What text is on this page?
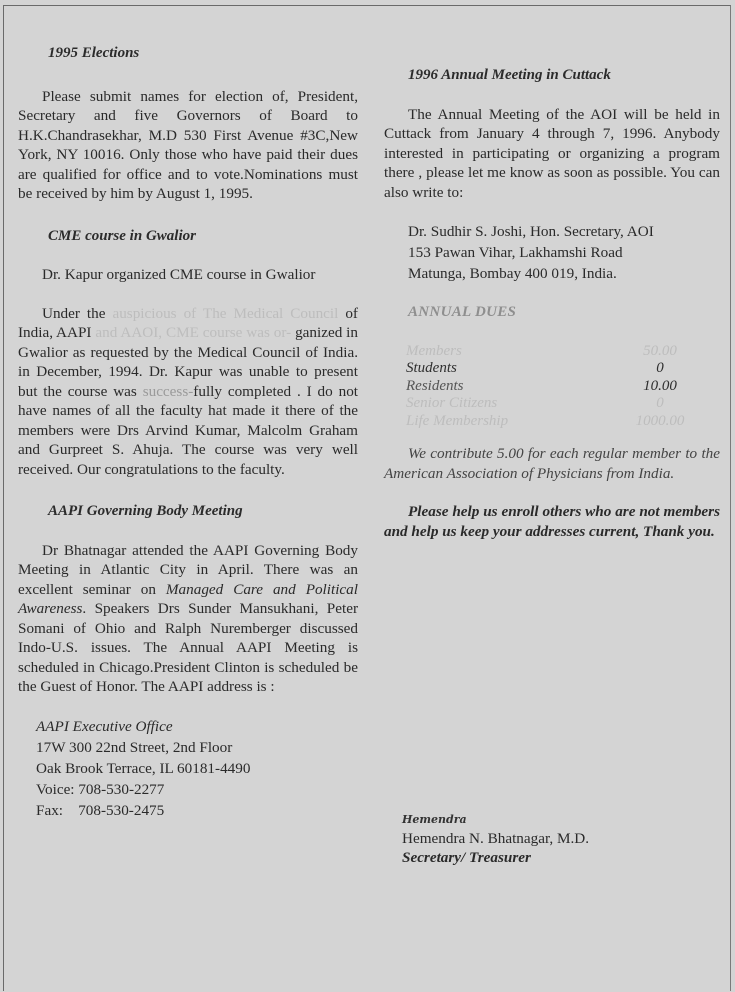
1995 Elections

Please submit names for election of, President, Secretary and five Governors of Board to H.K.Chandrasekhar, M.D 530 First Avenue #3C,New York, NY 10016. Only those who have paid their dues are qualified for office and to vote.Nominations must be received by him by August 1, 1995.

CME course in Gwalior

Dr. Kapur organized CME course in Gwalior

Under the auspicious of The Medical Council of India, AAPI and AAOI, CME course was or- ganized in Gwalior as requested by the Medical Council of India. in December, 1994. Dr. Kapur was unable to present but the course was success-fully completed . I do not have names of all the faculty hat made it there of the members were Drs Arvind Kumar, Malcolm Graham and Gurpreet S. Ahuja. The course was very well received. Our congratulations to the faculty.

AAPI Governing Body Meeting

Dr Bhatnagar attended the AAPI Governing Body Meeting in Atlantic City in April. There was an excellent seminar on Managed Care and Political Awareness. Speakers Drs Sunder Mansukhani, Peter Somani of Ohio and Ralph Nuremberger discussed Indo-U.S. issues. The Annual AAPI Meeting is scheduled in Chicago.President Clinton is scheduled be the Guest of Honor. The AAPI address is :

AAPI Executive Office
17W 300 22nd Street, 2nd Floor
Oak Brook Terrace, IL 60181-4490
Voice: 708-530-2277
Fax:    708-530-2475
1996 Annual Meeting in Cuttack

The Annual Meeting of the AOI will be held in Cuttack from January 4 through 7, 1996. Anybody interested in participating or organizing a program there , please let me know as soon as possible. You can also write to:

Dr. Sudhir S. Joshi, Hon. Secretary, AOI
153 Pawan Vihar, Lakhamshi Road
Matunga, Bombay 400 019, India.
ANNUAL DUES
Members	50.00
Students	0
Residents	10.00
Senior Citizens	0
Life Membership	1000.00

We contribute 5.00 for each regular member to the American Association of Physicians from India.

Please help us enroll others who are not members and help us keep your addresses current, Thank you.

Hemendra
Hemendra N. Bhatnagar, M.D.
Secretary/ Treasurer
